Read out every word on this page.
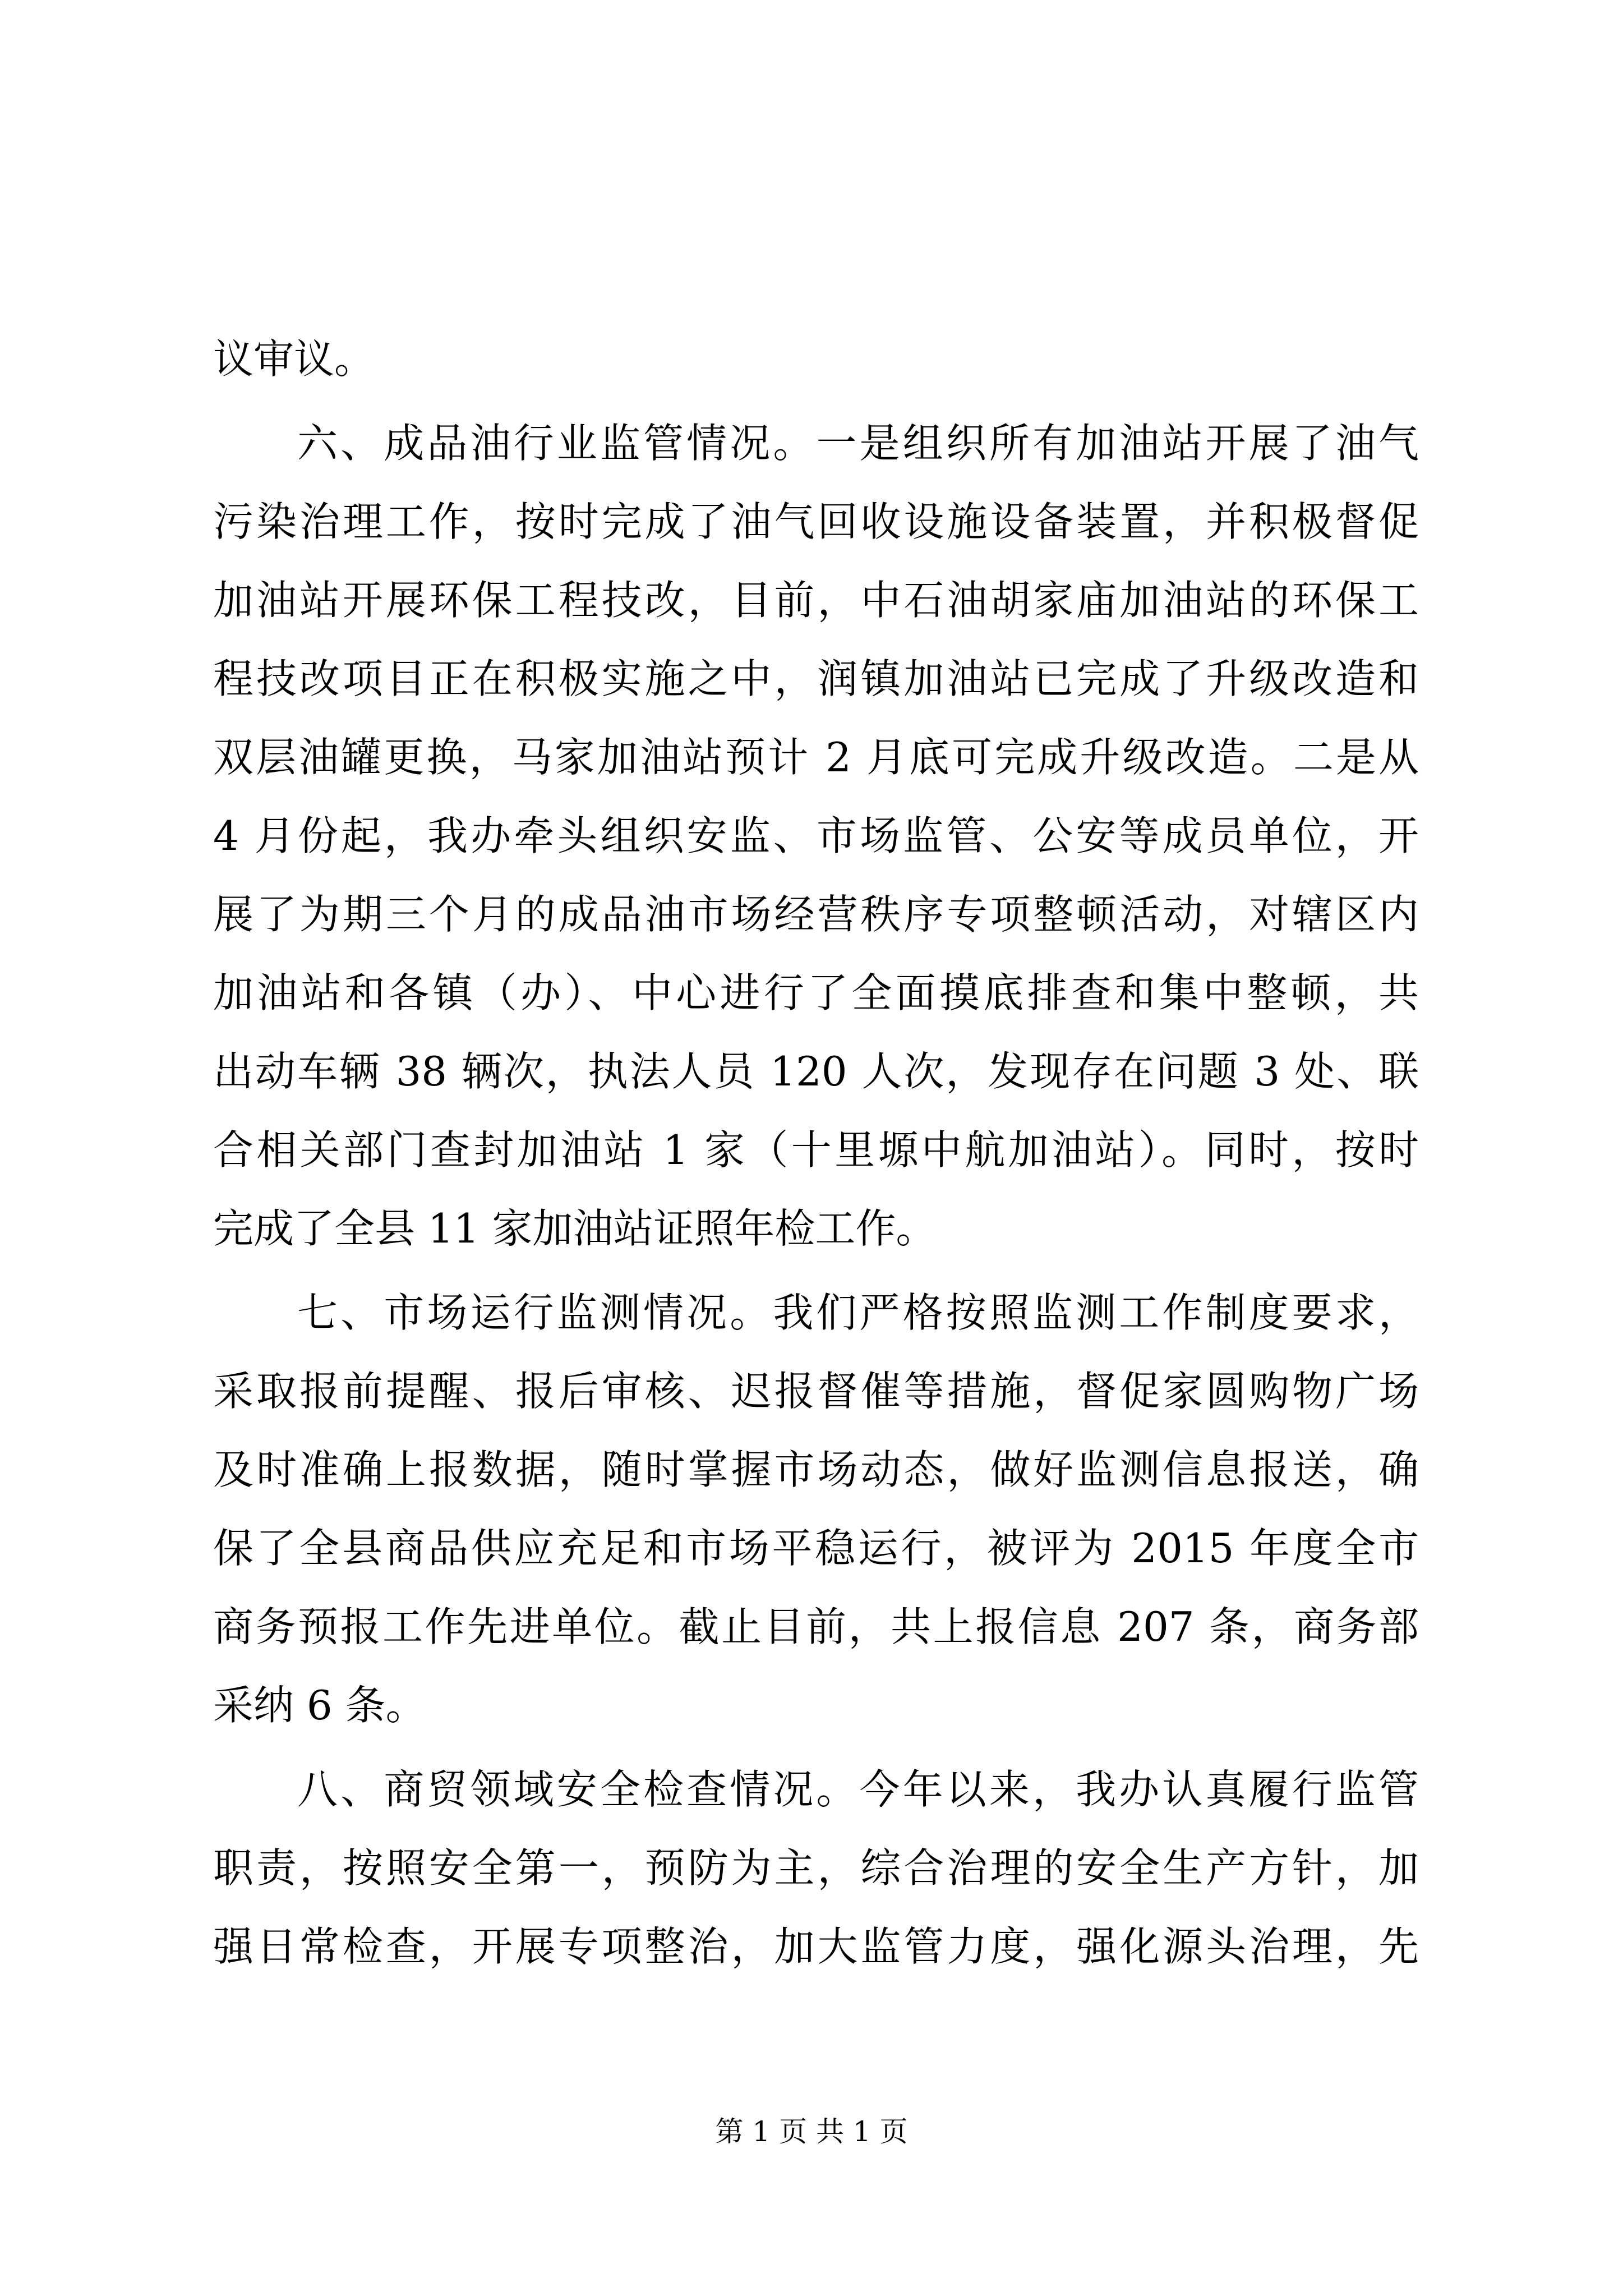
议审议。
六、成品油行业监管情况。一是组织所有加油站开展了油气
污染治理工作，按时完成了油气回收设施设备装置，并积极督促
加油站开展环保工程技改，目前，中石油胡家庙加油站的环保工
程技改项目正在积极实施之中，润镇加油站已完成了升级改造和
双层油罐更换，马家加油站预计 2 月底可完成升级改造。二是从
4 月份起，我办牵头组织安监、市场监管、公安等成员单位，开
展了为期三个月的成品油市场经营秩序专项整顿活动，对辖区内
加油站和各镇（办）、中心进行了全面摸底排查和集中整顿，共
出动车辆 38 辆次，执法人员 120 人次，发现存在问题 3 处、联
合相关部门查封加油站 1 家（十里塬中航加油站）。同时，按时
完成了全县 11 家加油站证照年检工作。
七、市场运行监测情况。我们严格按照监测工作制度要求，
采取报前提醒、报后审核、迟报督催等措施，督促家圆购物广场
及时准确上报数据，随时掌握市场动态，做好监测信息报送，确
保了全县商品供应充足和市场平稳运行，被评为 2015 年度全市
商务预报工作先进单位。截止目前，共上报信息 207 条，商务部
采纳 6 条。
八、商贸领域安全检查情况。今年以来，我办认真履行监管
职责，按照安全第一，预防为主，综合治理的安全生产方针，加
强日常检查，开展专项整治，加大监管力度，强化源头治理，先
第 1 页 共 1 页
